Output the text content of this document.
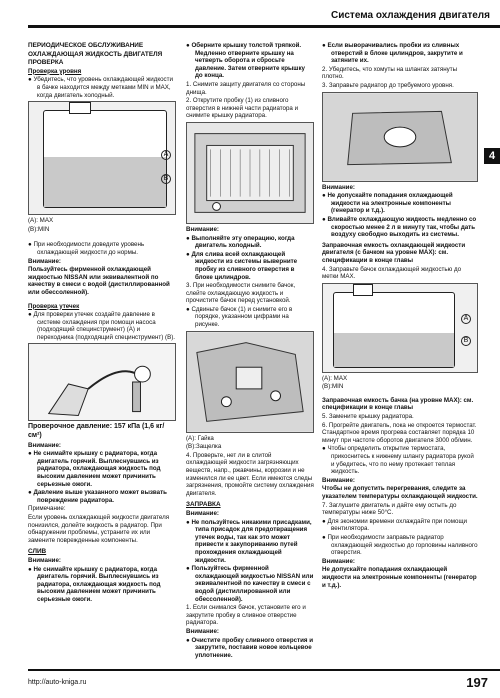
Система охлаждения двигателя
4

ПЕРИОДИЧЕСКОЕ ОБСЛУЖИВАНИЕ

ОХЛАЖДАЮЩАЯ ЖИДКОСТЬ ДВИГАТЕЛЯ

ПРОВЕРКА

Проверка уровня

● Убедитесь, что уровень охлаждающей жидкости в бачке находится между метками MIN и MAX, когда двигатель холодный.

A
B

(A): MAX

(B):MIN

● При необходимости доведите уровень охлаждающей жидкости до нормы.

Внимание:

Пользуйтесь фирменной охлаждающей жидкостью NISSAN или эквивалентной по качеству в смеси с водой (дистиллированной или обессоленной).

Проверка утечек

● Для проверки утечек создайте давление в системе охлаждения при помощи насоса (подходящий специнструмент) (A) и переходника (подходящий специнструмент) (B).

Проверочное давление: 157 кПа (1,6 кг/см²)

Внимание:

● Не снимайте крышку с радиатора, когда двигатель горячий. Выплеснувшись из радиатора, охлаждающая жидкость под высоким давлением может причинить серьезные ожоги.

● Давление выше указанного может вызвать повреждение радиатора.

Примечание:

Если уровень охлаждающей жидкости двигателя понизился, долейте жидкость в радиатор. При обнаружении проблемы, устраните их или замените поврежденные компоненты.

СЛИВ

Внимание:

● Не снимайте крышку с радиатора, когда двигатель горячий. Выплеснувшись из радиатора, охлаждающая жидкость под высоким давлением может причинить серьезные ожоги.

● Оберните крышку толстой тряпкой. Медленно отверните крышку на четверть оборота и сбросьте давление. Затем отверните крышку до конца.

1. Снимите защиту двигателя со стороны днища.

2. Открутите пробку (1) из сливного отверстия в нижней части радиатора и снимите крышку радиатора.

Внимание:

● Выполняйте эту операцию, когда двигатель холодный.

● Для слива всей охлаждающей жидкости из системы выверните пробку из сливного отверстия в блоке цилиндров.

3. При необходимости снимите бачок, слейте охлаждающую жидкость и прочистите бачок перед установкой.

● Сдвиньте бачок (1) и снимите его в порядке, указанном цифрами на рисунке.

(A): Гайка

(B):Защелка

4. Проверьте, нет ли в слитой охлаждающей жидкости загрязняющих веществ, напр., ржавчины, коррозии и не изменился ли ее цвет. Если имеются следы загрязнения, промойте систему охлаждения двигателя.

ЗАПРАВКА

Внимание:

● Не пользуйтесь никакими присадками, типа присадок для предотвращения утечек воды, так как это может привести к закупориванию путей прохождения охлаждающей жидкости.

● Пользуйтесь фирменной охлаждающей жидкостью NISSAN или эквивалентной по качеству в смеси с водой (дистиллированной или обессоленной).

1. Если снимался бачок, установите его и закрутите пробку в сливное отверстие радиатора.

Внимание:

● Очистите пробку сливного отверстия и закрутите, поставив новое кольцевое уплотнение.

● Если выворачивались пробки из сливных отверстий в блоке цилиндров, закрутите и затяните их.

2. Убедитесь, что хомуты на шлангах затянуты плотно.

3. Заправьте радиатор до требуемого уровня.

Внимание:

● Не допускайте попадания охлаждающей жидкости на электронные компоненты (генератор и т.д.).

● Вливайте охлаждающую жидкость медленно со скоростью менее 2 л в минуту так, чтобы дать воздуху свободно выходить из системы.

Заправочная емкость охлаждающей жидкости двигателя (с бачком на уровне MAX): см. спецификации в конце главы

4. Заправьте бачок охлаждающей жидкостью до метки MAX.

A
B

(A): MAX

(B):MIN

Заправочная емкость бачка (на уровне MAX): см. спецификации в конце главы

5. Замените крышку радиатора.

6. Прогрейте двигатель, пока не откроется термостат. Стандартное время прогрева составляет порядка 10 минут при частоте оборотов двигателя 3000 об/мин.

● Чтобы определить открытие термостата, прикоснитесь к нижнему шлангу радиатора рукой и убедитесь, что по нему протекает теплая жидкость.

Внимание:

Чтобы не допустить перегревания, следите за указателем температуры охлаждающей жидкости.

7. Заглушите двигатель и дайте ему остыть до температуры ниже 50°С.

● Для экономии времени охлаждайте при помощи вентилятора.

● При необходимости заправьте радиатор охлаждающей жидкостью до горловины наливного отверстия.

Внимание:

Не допускайте попадания охлаждающей жидкости на электронные компоненты (генератор и т.д.).

http://auto-kniga.ru	197
